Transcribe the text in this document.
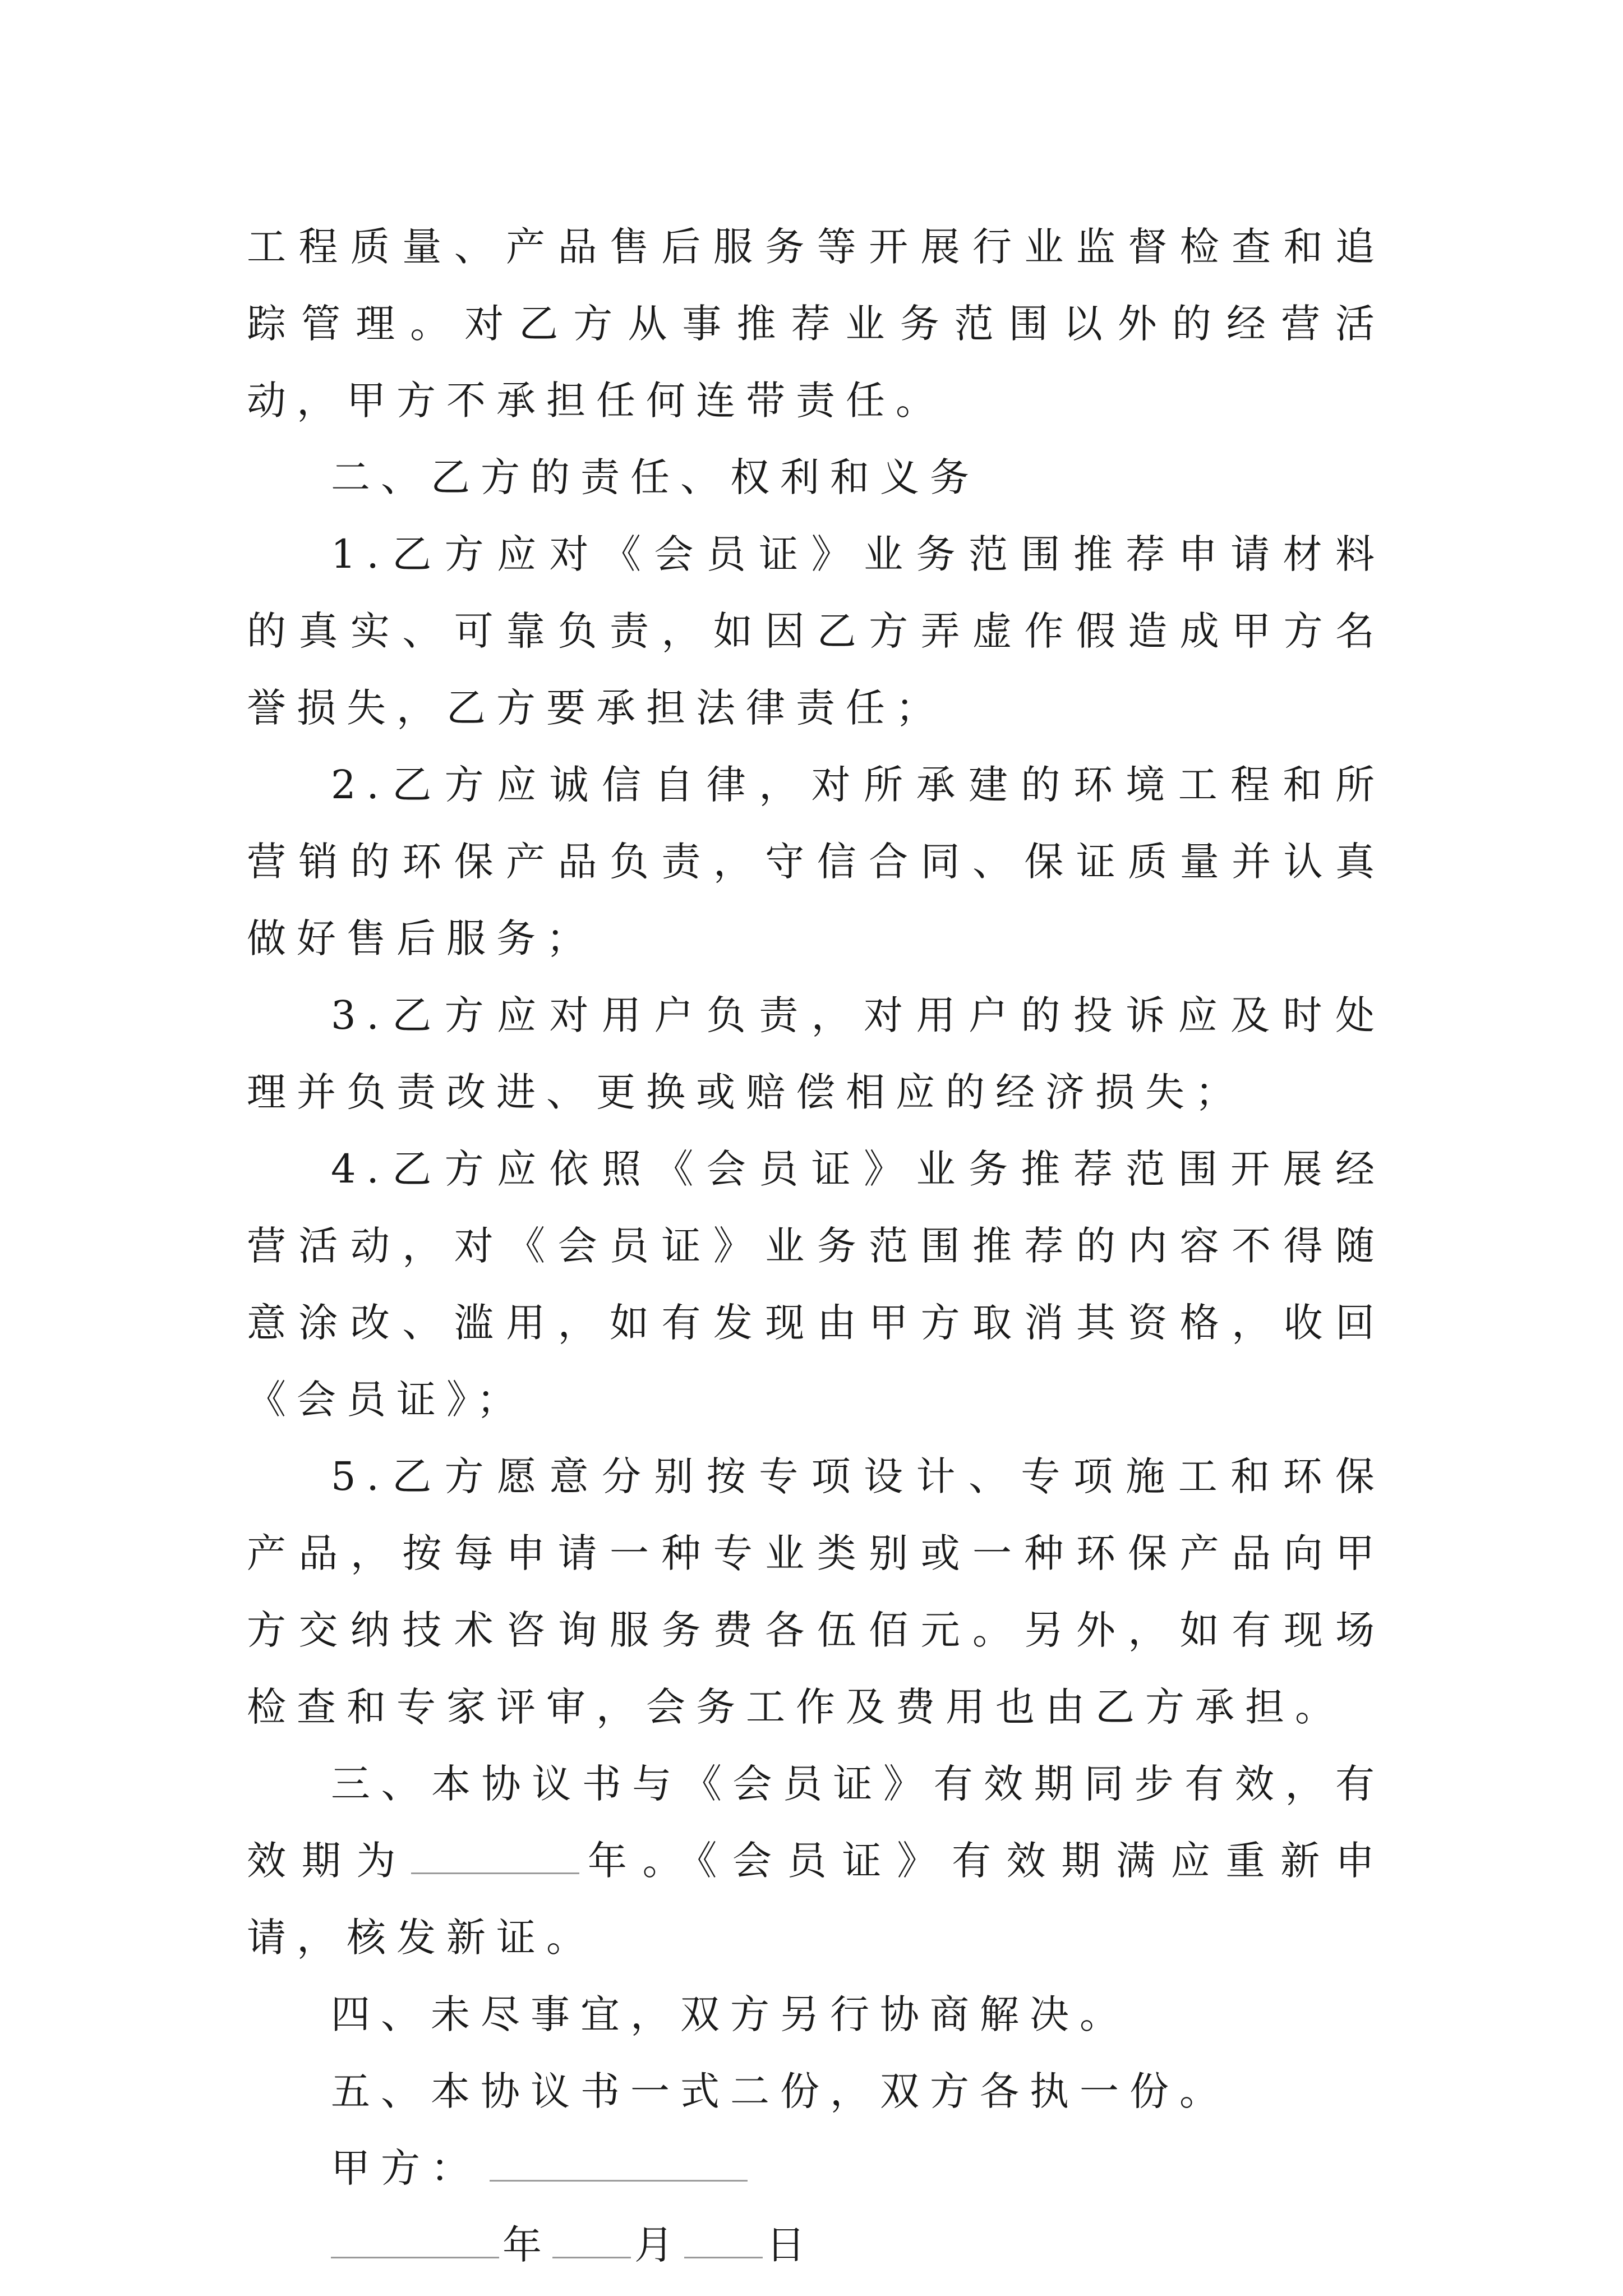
工程质量、产品售后服务等开展行业监督检查和追踪管理。对乙方从事推荐业务范围以外的经营活动，甲方不承担任何连带责任。

二、乙方的责任、权利和义务

1.乙方应对《会员证》业务范围推荐申请材料的真实、可靠负责，如因乙方弄虚作假造成甲方名誉损失，乙方要承担法律责任；

2.乙方应诚信自律，对所承建的环境工程和所营销的环保产品负责，守信合同、保证质量并认真做好售后服务；

3.乙方应对用户负责，对用户的投诉应及时处理并负责改进、更换或赔偿相应的经济损失；

4.乙方应依照《会员证》业务推荐范围开展经营活动，对《会员证》业务范围推荐的内容不得随意涂改、滥用，如有发现由甲方取消其资格，收回《会员证》；

5.乙方愿意分别按专项设计、专项施工和环保产品，按每申请一种专业类别或一种环保产品向甲方交纳技术咨询服务费各伍佰元。另外，如有现场检查和专家评审，会务工作及费用也由乙方承担。

三、本协议书与《会员证》有效期同步有效，有效期为	年。《会员证》有效期满应重新申请，核发新证。

四、未尽事宜，双方另行协商解决。

五、本协议书一式二份，双方各执一份。

甲方：

年 月 日
